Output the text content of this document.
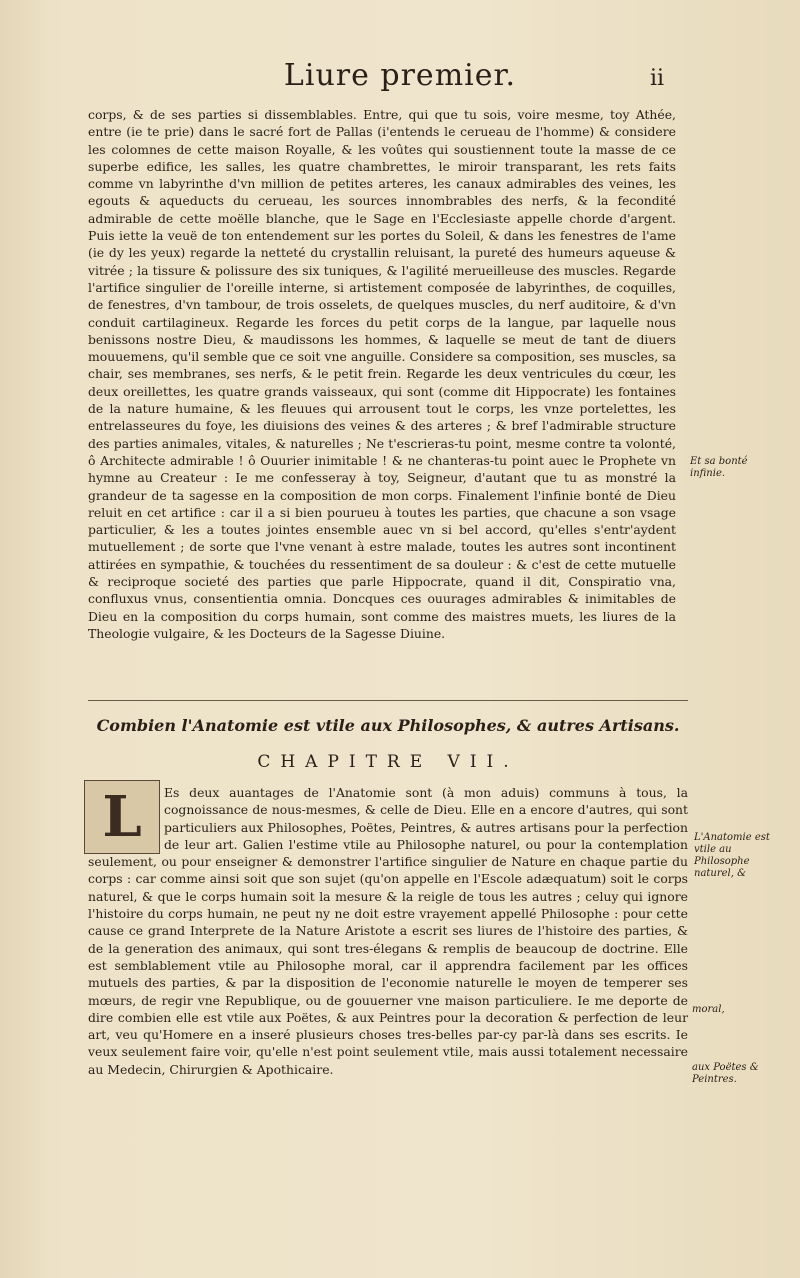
Liure premier.	ii

corps, & de ses parties si dissemblables. Entre, qui que tu sois, voire mesme, toy Athée, entre (ie te prie) dans le sacré fort de Pallas (i'entends le cerueau de l'homme) & considere les colomnes de cette maison Royalle, & les voûtes qui soustiennent toute la masse de ce superbe edifice, les salles, les quatre chambrettes, le miroir transparant, les rets faits comme vn labyrinthe d'vn million de petites arteres, les canaux admirables des veines, les egouts & aqueducts du cerueau, les sources innombrables des nerfs, & la fecondité admirable de cette moëlle blanche, que le Sage en l'Ecclesiaste appelle chorde d'argent. Puis iette la veuë de ton entendement sur les portes du Soleil, & dans les fenestres de l'ame (ie dy les yeux) regarde la netteté du crystallin reluisant, la pureté des humeurs aqueuse & vitrée ; la tissure & polissure des six tuniques, & l'agilité merueilleuse des muscles. Regarde l'artifice singulier de l'oreille interne, si artistement composée de labyrinthes, de coquilles, de fenestres, d'vn tambour, de trois osselets, de quelques muscles, du nerf auditoire, & d'vn conduit cartilagineux. Regarde les forces du petit corps de la langue, par laquelle nous benissons nostre Dieu, & maudissons les hommes, & laquelle se meut de tant de diuers mouuemens, qu'il semble que ce soit vne anguille. Considere sa composition, ses muscles, sa chair, ses membranes, ses nerfs, & le petit frein. Regarde les deux ventricules du cœur, les deux oreillettes, les quatre grands vaisseaux, qui sont (comme dit Hippocrate) les fontaines de la nature humaine, & les fleuues qui arrousent tout le corps, les vnze portelettes, les entrelasseures du foye, les diuisions des veines & des arteres ; & bref l'admirable structure des parties animales, vitales, & naturelles ; Ne t'escrieras-tu point, mesme contre ta volonté, ô Architecte admirable ! ô Ouurier inimitable ! & ne chanteras-tu point auec le Prophete vn hymne au Createur : Ie me confesseray à toy, Seigneur, d'autant que tu as monstré la grandeur de ta sagesse en la composition de mon corps. Finalement l'infinie bonté de Dieu reluit en cet artifice : car il a si bien pourueu à toutes les parties, que chacune a son vsage particulier, & les a toutes jointes ensemble auec vn si bel accord, qu'elles s'entr'aydent mutuellement ; de sorte que l'vne venant à estre malade, toutes les autres sont incontinent attirées en sympathie, & touchées du ressentiment de sa douleur : & c'est de cette mutuelle & reciproque societé des parties que parle Hippocrate, quand il dit, Conspiratio vna, confluxus vnus, consentientia omnia. Doncques ces ouurages admirables & inimitables de Dieu en la composition du corps humain, sont comme des maistres muets, les liures de la Theologie vulgaire, & les Docteurs de la Sagesse Diuine.

Et sa bonté infinie.
Combien l'Anatomie est vtile aux Philosophes, & autres Artisans.
CHAPITRE VII.

Es deux auantages de l'Anatomie sont (à mon aduis) communs à tous, la cognoissance de nous-mesmes, & celle de Dieu. Elle en a encore d'autres, qui sont particuliers aux Philosophes, Poëtes, Peintres, & autres artisans pour la perfection de leur art. Galien l'estime vtile au Philosophe naturel, ou pour la contemplation seulement, ou pour enseigner & demonstrer l'artifice singulier de Nature en chaque partie du corps : car comme ainsi soit que son sujet (qu'on appelle en l'Escole adæquatum) soit le corps naturel, & que le corps humain soit la mesure & la reigle de tous les autres ; celuy qui ignore l'histoire du corps humain, ne peut ny ne doit estre vrayement appellé Philosophe : pour cette cause ce grand Interprete de la Nature Aristote a escrit ses liures de l'histoire des parties, & de la generation des animaux, qui sont tres-élegans & remplis de beaucoup de doctrine. Elle est semblablement vtile au Philosophe moral, car il apprendra facilement par les offices mutuels des parties, & par la disposition de l'economie naturelle le moyen de temperer ses mœurs, de regir vne Republique, ou de gouuerner vne maison particuliere. Ie me deporte de dire combien elle est vtile aux Poëtes, & aux Peintres pour la decoration & perfection de leur art, veu qu'Homere en a inseré plusieurs choses tres-belles par-cy par-là dans ses escrits. Ie veux seulement faire voir, qu'elle n'est point seulement vtile, mais aussi totalement necessaire au Medecin, Chirurgien & Apothicaire.

L	L'Anatomie est vtile au Philosophe naturel, &
moral,
aux Poëtes & Peintres.
